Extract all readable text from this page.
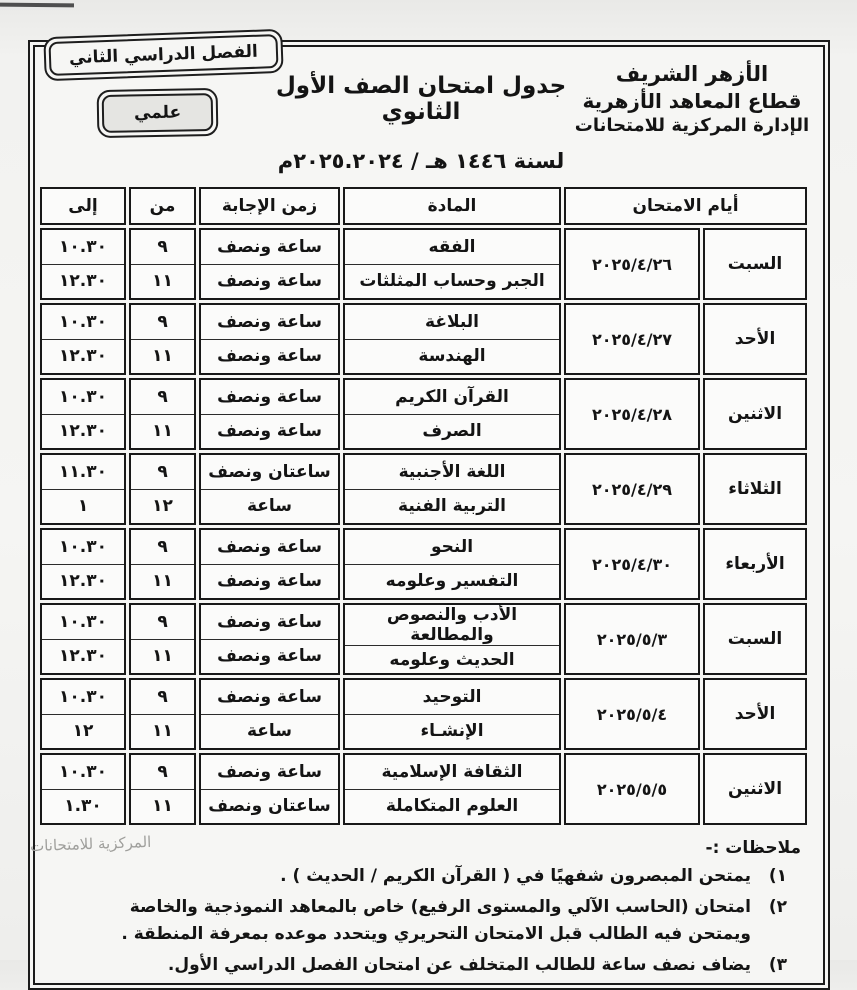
الأزهر الشريف
قطاع المعاهد الأزهرية
الإدارة المركزية للامتحانات
جدول امتحان الصف الأول الثانوي
لسنة ١٤٤٦ هـ / ٢٠٢٥.٢٠٢٤م
الفصل الدراسي الثاني
علمي
أيام الامتحان
المادة
زمن الإجابة
من
إلى
السبت
٢٠٢٥/٤/٢٦
الفقه
الجبر وحساب المثلثات
ساعة ونصف
ساعة ونصف
٩
١١
١٠.٣٠
١٢.٣٠
الأحد
٢٠٢٥/٤/٢٧
البلاغة
الهندسة
ساعة ونصف
ساعة ونصف
٩
١١
١٠.٣٠
١٢.٣٠
الاثنين
٢٠٢٥/٤/٢٨
القرآن الكريم
الصرف
ساعة ونصف
ساعة ونصف
٩
١١
١٠.٣٠
١٢.٣٠
الثلاثاء
٢٠٢٥/٤/٢٩
اللغة الأجنبية
التربية الفنية
ساعتان ونصف
ساعة
٩
١٢
١١.٣٠
١
الأربعاء
٢٠٢٥/٤/٣٠
النحو
التفسير وعلومه
ساعة ونصف
ساعة ونصف
٩
١١
١٠.٣٠
١٢.٣٠
السبت
٢٠٢٥/٥/٣
الأدب والنصوص والمطالعة
الحديث وعلومه
ساعة ونصف
ساعة ونصف
٩
١١
١٠.٣٠
١٢.٣٠
الأحد
٢٠٢٥/٥/٤
التوحيد
الإنشـاء
ساعة ونصف
ساعة
٩
١١
١٠.٣٠
١٢
الاثنين
٢٠٢٥/٥/٥
الثقافة الإسلامية
العلوم المتكاملة
ساعة ونصف
ساعتان ونصف
٩
١١
١٠.٣٠
١.٣٠
ملاحظات :-
١)
يمتحن المبصرون شفهيًا في ( القرآن الكريم / الحديث ) .
٢)
امتحان (الحاسب الآلي والمستوى الرفيع) خاص بالمعاهد النموذجية والخاصة ويمتحن فيه الطالب قبل الامتحان التحريري ويتحدد موعده بمعرفة المنطقة .
٣)
يضاف نصف ساعة للطالب المتخلف عن امتحان الفصل الدراسي الأول.
المركزية للامتحانات
